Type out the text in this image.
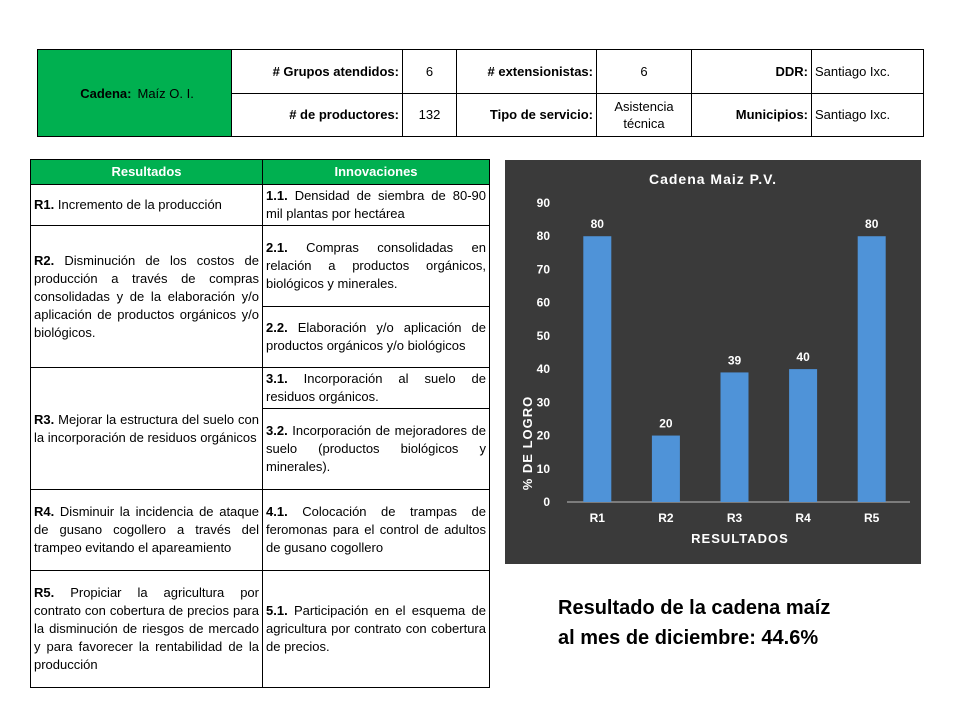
Cadena:	Maíz O. I.	# Grupos atendidos:	6	# extensionistas:	6	DDR:	Santiago Ixc.
		# de productores:	132	Tipo de servicio:	Asistencia técnica	Municipios:	Santiago Ixc.
Resultados	Innovaciones
R1. Incremento de la producción	1.1. Densidad de siembra de 80-90 mil plantas por hectárea
R2. Disminución de los costos de producción a través de compras consolidadas y de la elaboración y/o aplicación de productos orgánicos y/o biológicos.	2.1. Compras consolidadas en relación a productos orgánicos, biológicos y minerales.
	2.2. Elaboración y/o aplicación de productos orgánicos y/o biológicos
R3. Mejorar la estructura del suelo con la incorporación de residuos orgánicos	3.1. Incorporación al suelo de residuos orgánicos.
	3.2. Incorporación de mejoradores de suelo (productos biológicos y minerales).
R4. Disminuir la incidencia de ataque de gusano cogollero a través del trampeo evitando el apareamiento	4.1. Colocación de trampas de feromonas para el control de adultos de gusano cogollero
R5. Propiciar la agricultura por contrato con cobertura de precios para la disminución de riesgos de mercado y para favorecer la rentabilidad de la producción	5.1. Participación en el esquema de agricultura por contrato con cobertura de precios.
Cadena Maiz P.V.
% DE LOGRO
RESULTADOS
0
10
20
30
40
50
60
70
80
90
80
R1
20
R2
39
R3
40
R4
80
R5
Resultado de la cadena maíz
al mes de diciembre: 44.6%
